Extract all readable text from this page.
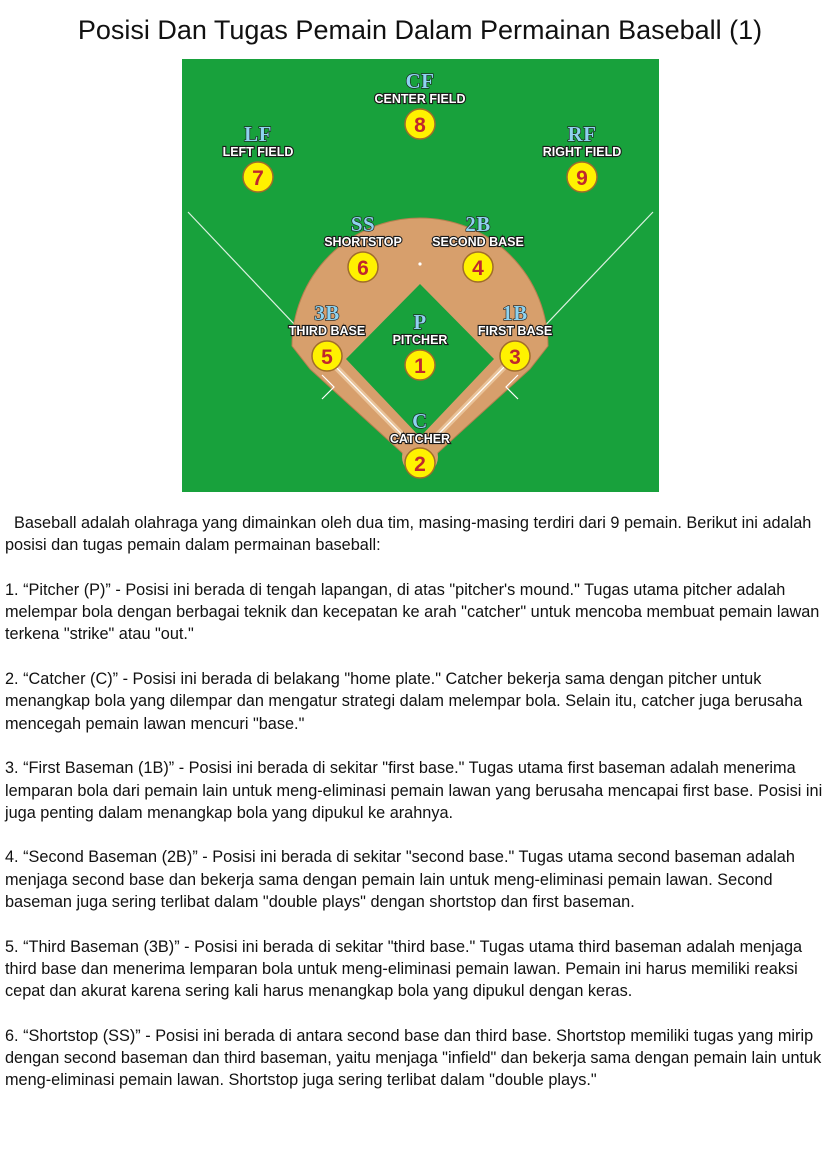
Posisi Dan Tugas Pemain Dalam Permainan Baseball (1)
CF
CENTER FIELD
8
LF
LEFT FIELD
7
RF
RIGHT FIELD
9
SS
SHORTSTOP
6
2B
SECOND BASE
4
3B
THIRD BASE
5
P
PITCHER
1
1B
FIRST BASE
3
C
CATCHER
2

Baseball adalah olahraga yang dimainkan oleh dua tim, masing-masing terdiri dari 9 pemain. Berikut ini adalah posisi dan tugas pemain dalam permainan baseball:

1. “Pitcher (P)” - Posisi ini berada di tengah lapangan, di atas "pitcher's mound." Tugas utama pitcher adalah melempar bola dengan berbagai teknik dan kecepatan ke arah "catcher" untuk mencoba membuat pemain lawan terkena "strike" atau "out."

2. “Catcher (C)” - Posisi ini berada di belakang "home plate." Catcher bekerja sama dengan pitcher untuk menangkap bola yang dilempar dan mengatur strategi dalam melempar bola. Selain itu, catcher juga berusaha mencegah pemain lawan mencuri "base."

3. “First Baseman (1B)” - Posisi ini berada di sekitar "first base." Tugas utama first baseman adalah menerima lemparan bola dari pemain lain untuk meng-eliminasi pemain lawan yang berusaha mencapai first base. Posisi ini juga penting dalam menangkap bola yang dipukul ke arahnya.

4. “Second Baseman (2B)” - Posisi ini berada di sekitar "second base." Tugas utama second baseman adalah menjaga second base dan bekerja sama dengan pemain lain untuk meng-eliminasi pemain lawan. Second baseman juga sering terlibat dalam "double plays" dengan shortstop dan first baseman.

5. “Third Baseman (3B)” - Posisi ini berada di sekitar "third base." Tugas utama third baseman adalah menjaga third base dan menerima lemparan bola untuk meng-eliminasi pemain lawan. Pemain ini harus memiliki reaksi cepat dan akurat karena sering kali harus menangkap bola yang dipukul dengan keras.

6. “Shortstop (SS)” - Posisi ini berada di antara second base dan third base. Shortstop memiliki tugas yang mirip dengan second baseman dan third baseman, yaitu menjaga "infield" dan bekerja sama dengan pemain lain untuk meng-eliminasi pemain lawan. Shortstop juga sering terlibat dalam "double plays."
